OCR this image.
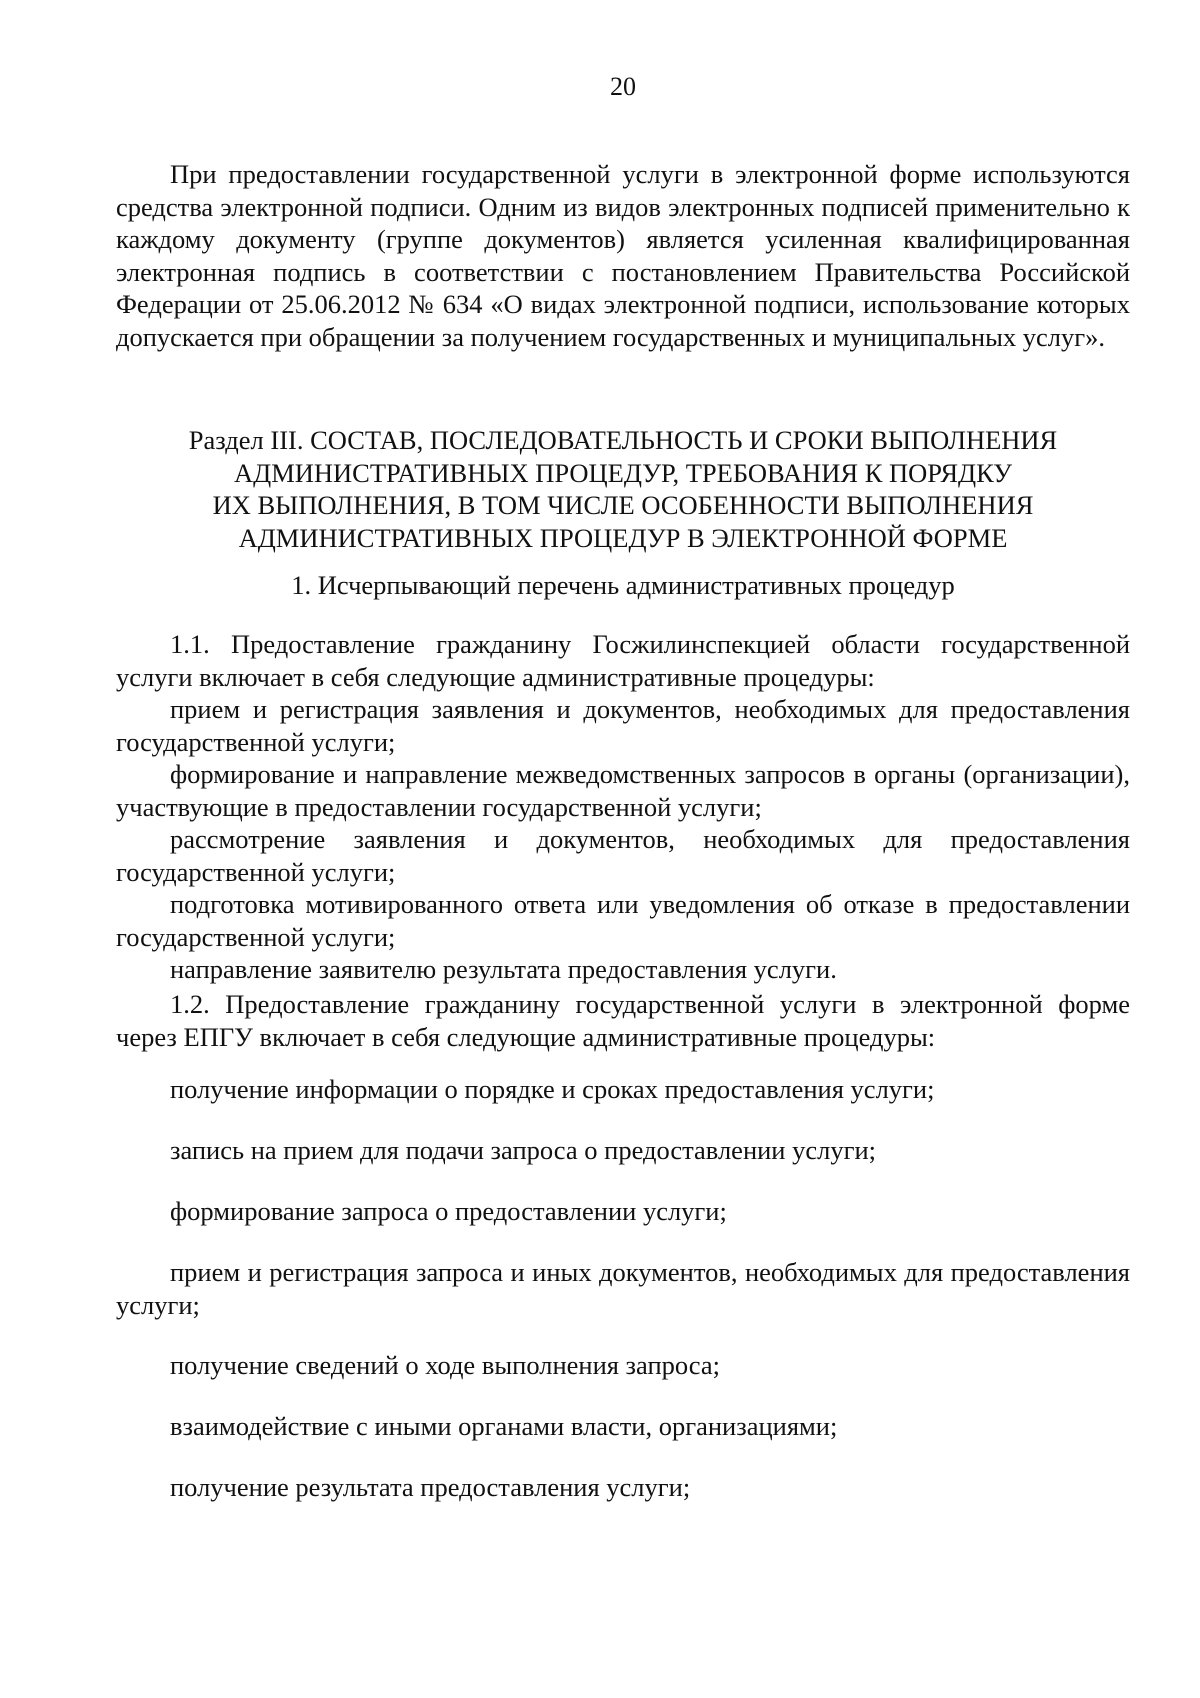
20

При предоставлении государственной услуги в электронной форме используются средства электронной подписи. Одним из видов электронных подписей применительно к каждому документу (группе документов) является усиленная квалифицированная электронная подпись в соответствии с постановлением Правительства Российской Федерации от 25.06.2012 № 634 «О видах электронной подписи, использование которых допускается при обращении за получением государственных и муниципальных услуг».

Раздел III. СОСТАВ, ПОСЛЕДОВАТЕЛЬНОСТЬ И СРОКИ ВЫПОЛНЕНИЯ
АДМИНИСТРАТИВНЫХ ПРОЦЕДУР, ТРЕБОВАНИЯ К ПОРЯДКУ
ИХ ВЫПОЛНЕНИЯ, В ТОМ ЧИСЛЕ ОСОБЕННОСТИ ВЫПОЛНЕНИЯ
АДМИНИСТРАТИВНЫХ ПРОЦЕДУР В ЭЛЕКТРОННОЙ ФОРМЕ

1. Исчерпывающий перечень административных процедур

1.1. Предоставление гражданину Госжилинспекцией области государственной услуги включает в себя следующие административные процедуры:

прием и регистрация заявления и документов, необходимых для предоставления государственной услуги;

формирование и направление межведомственных запросов в органы (организации), участвующие в предоставлении государственной услуги;

рассмотрение заявления и документов, необходимых для предоставления государственной услуги;

подготовка мотивированного ответа или уведомления об отказе в предоставлении государственной услуги;

направление заявителю результата предоставления услуги.

1.2. Предоставление гражданину государственной услуги в электронной форме через ЕПГУ включает в себя следующие административные процедуры:

получение информации о порядке и сроках предоставления услуги;

запись на прием для подачи запроса о предоставлении услуги;

формирование запроса о предоставлении услуги;

прием и регистрация запроса и иных документов, необходимых для предоставления услуги;

получение сведений о ходе выполнения запроса;

взаимодействие с иными органами власти, организациями;

получение результата предоставления услуги;
